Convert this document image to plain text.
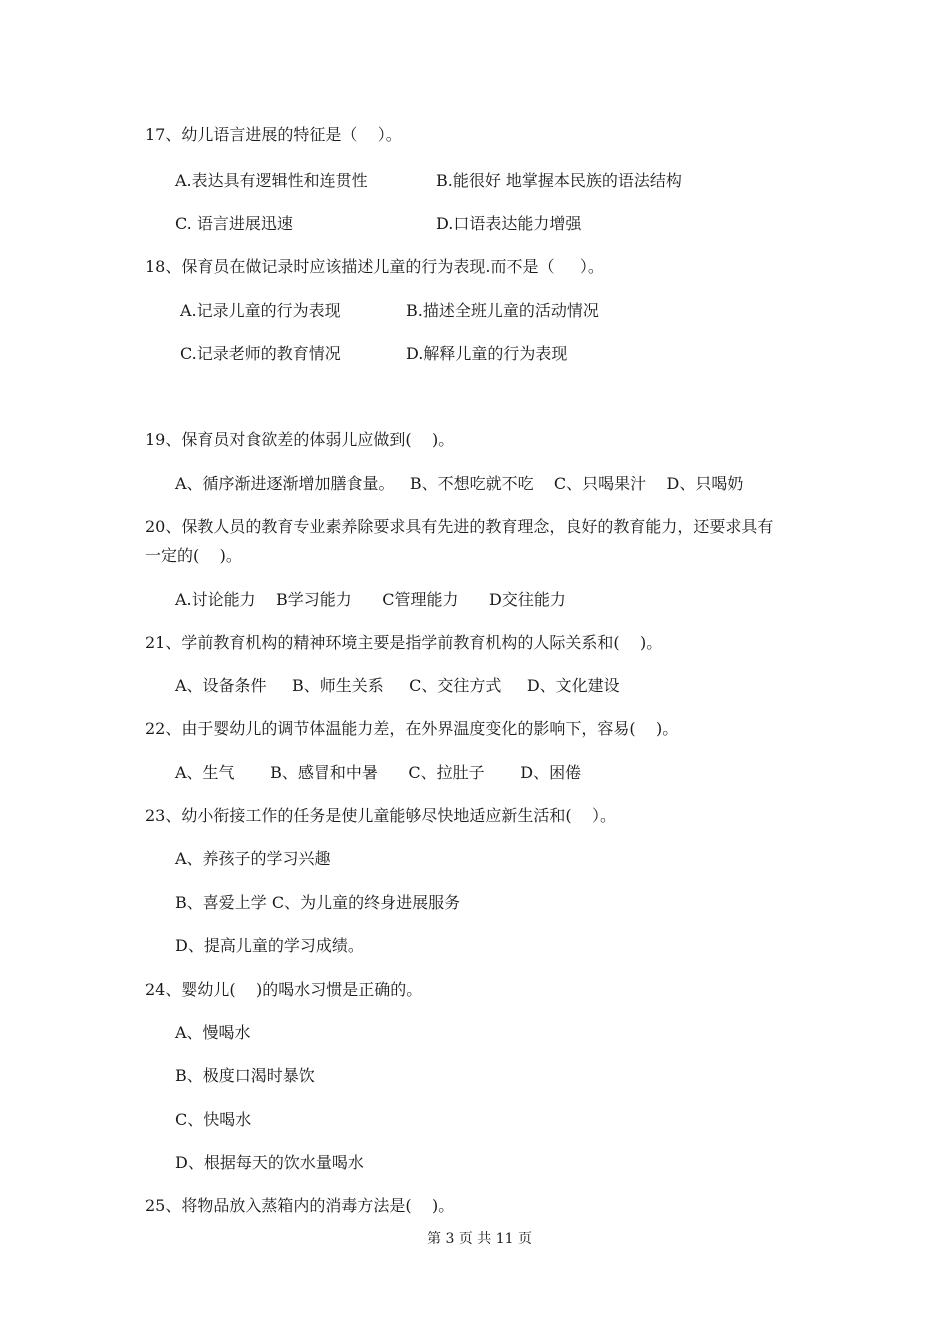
17、幼儿语言进展的特征是（    ）。
A.表达具有逻辑性和连贯性	B.能很好 地掌握本民族的语法结构
C. 语言进展迅速	D.口语表达能力增强
18、保育员在做记录时应该描述儿童的行为表现.而不是（     ）。
A.记录儿童的行为表现	B.描述全班儿童的活动情况
C.记录老师的教育情况	D.解释儿童的行为表现
19、保育员对食欲差的体弱儿应做到(    )。
A、循序渐进逐渐增加膳食量。   B、不想吃就不吃    C、只喝果汁    D、只喝奶
20、保教人员的教育专业素养除要求具有先进的教育理念，良好的教育能力，还要求具有
一定的(    )。
A.讨论能力    B学习能力      C管理能力      D交往能力
21、学前教育机构的精神环境主要是指学前教育机构的人际关系和(    )。
A、设备条件     B、师生关系     C、交往方式     D、文化建设
22、由于婴幼儿的调节体温能力差，在外界温度变化的影响下，容易(    )。
A、生气       B、感冒和中暑      C、拉肚子       D、困倦
23、幼小衔接工作的任务是使儿童能够尽快地适应新生活和(    ）。
A、养孩子的学习兴趣
B、喜爱上学 C、为儿童的终身进展服务
D、提高儿童的学习成绩。
24、婴幼儿(    )的喝水习惯是正确的。
A、慢喝水
B、极度口渴时暴饮
C、快喝水
D、根据每天的饮水量喝水
25、将物品放入蒸箱内的消毒方法是(    )。
第 3 页 共 11 页
